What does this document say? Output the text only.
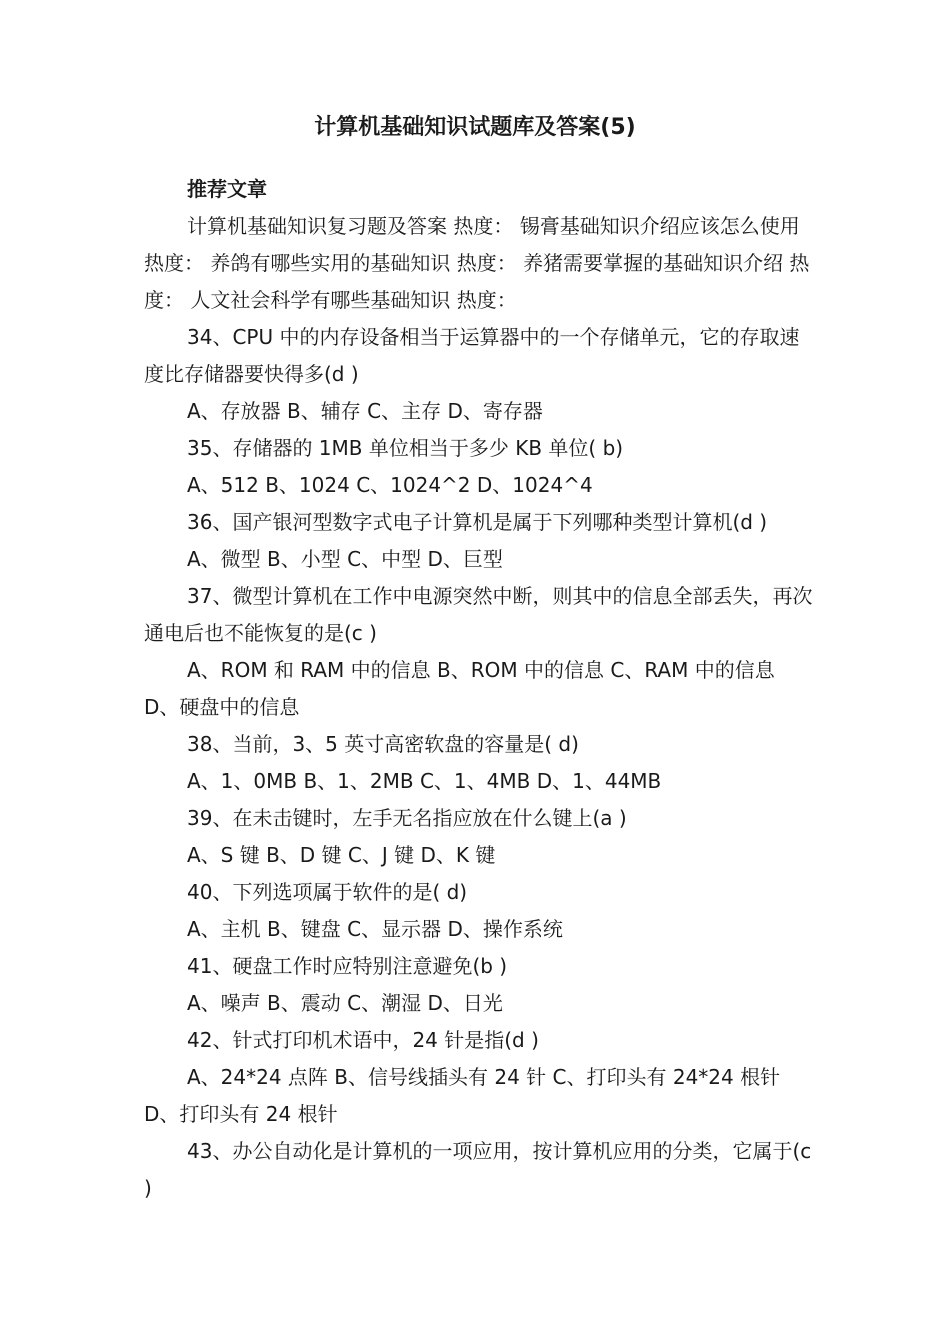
计算机基础知识试题库及答案(5)

推荐文章

计算机基础知识复习题及答案 热度： 锡膏基础知识介绍应该怎么使用 热度： 养鸽有哪些实用的基础知识 热度： 养猪需要掌握的基础知识介绍 热度： 人文社会科学有哪些基础知识 热度：

34、CPU 中的内存设备相当于运算器中的一个存储单元，它的存取速度比存储器要快得多(d )

A、存放器 B、辅存 C、主存 D、寄存器

35、存储器的 1MB 单位相当于多少 KB 单位( b)

A、512 B、1024 C、1024^2 D、1024^4

36、国产银河型数字式电子计算机是属于下列哪种类型计算机(d )

A、微型 B、小型 C、中型 D、巨型

37、微型计算机在工作中电源突然中断，则其中的信息全部丢失，再次通电后也不能恢复的是(c )

A、ROM 和 RAM 中的信息 B、ROM 中的信息 C、RAM 中的信息 D、硬盘中的信息

38、当前，3、5 英寸高密软盘的容量是( d)

A、1、0MB B、1、2MB C、1、4MB D、1、44MB

39、在未击键时，左手无名指应放在什么键上(a )

A、S 键 B、D 键 C、J 键 D、K 键

40、下列选项属于软件的是( d)

A、主机 B、键盘 C、显示器 D、操作系统

41、硬盘工作时应特别注意避免(b )

A、噪声 B、震动 C、潮湿 D、日光

42、针式打印机术语中，24 针是指(d )

A、24*24 点阵 B、信号线插头有 24 针 C、打印头有 24*24 根针 D、打印头有 24 根针

43、办公自动化是计算机的一项应用，按计算机应用的分类，它属于(c )
